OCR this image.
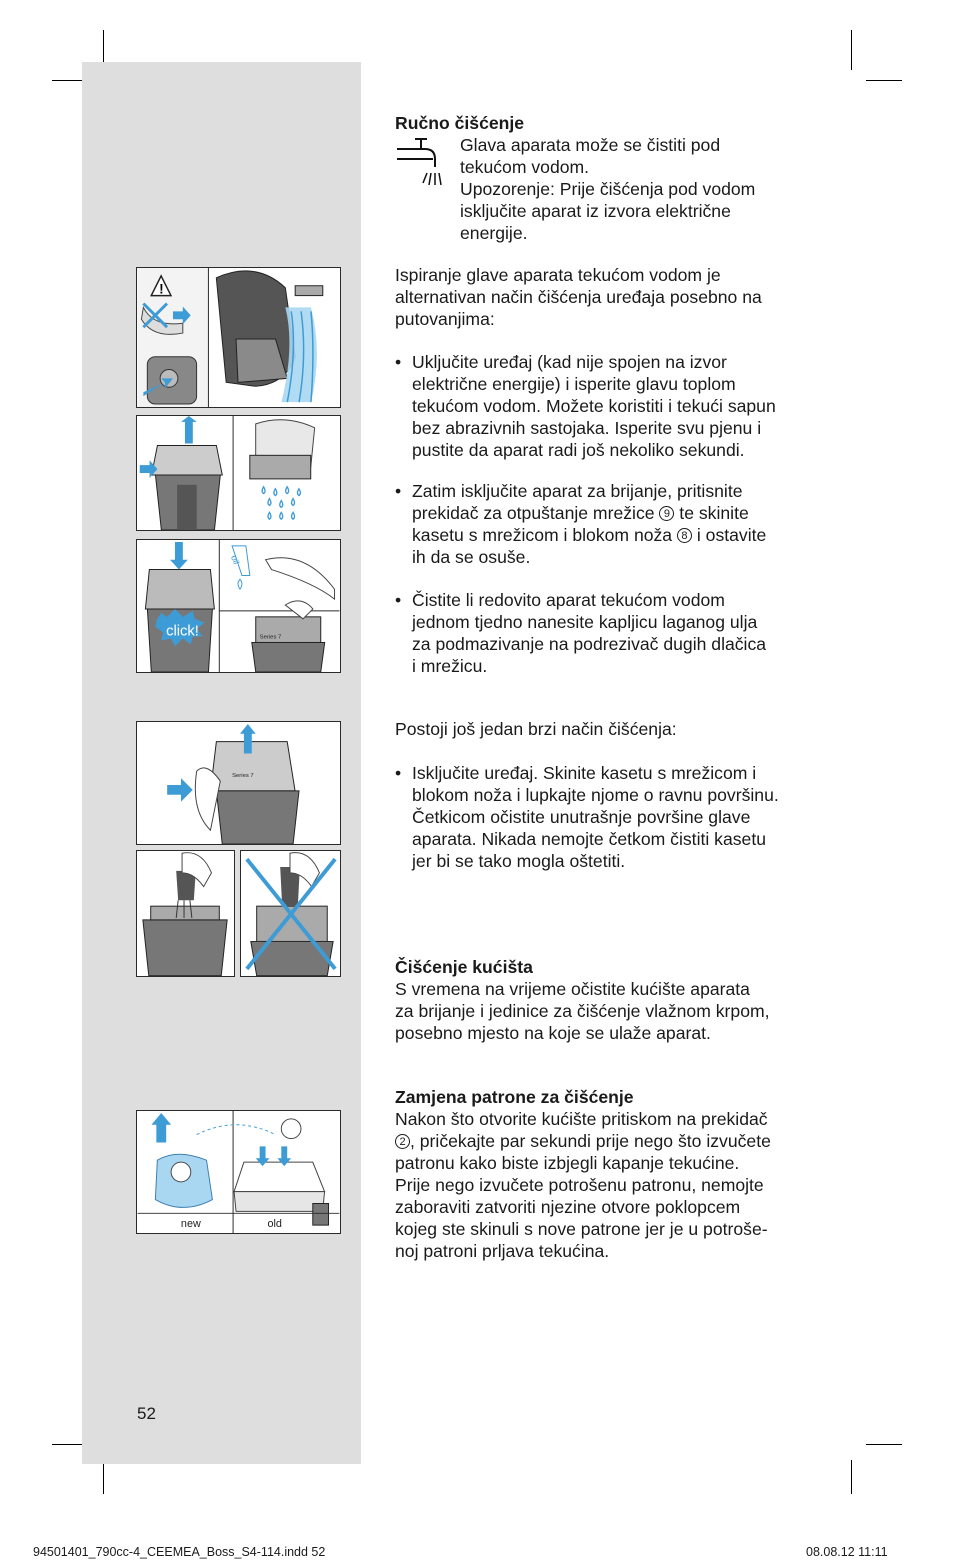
!
click!
oil
Series 7
Series 7
new	old

Ručno čišćenje

Glava aparata može se čistiti pod

tekućom vodom.

Upozorenje: Prije čišćenja pod vodom

isključite aparat iz izvora električne

energije.

Ispiranje glave aparata tekućom vodom je

alternativan način čišćenja uređaja posebno na

putovanjima:

• Uključite uređaj (kad nije spojen na izvor

električne energije) i isperite glavu toplom

tekućom vodom. Možete koristiti i tekući sapun

bez abrazivnih sastojaka. Isperite svu pjenu i

pustite da aparat radi još nekoliko sekundi.

• Zatim isključite aparat za brijanje, pritisnite

prekidač za otpuštanje mrežice 9 te skinite

kasetu s mrežicom i blokom noža 8 i ostavite

ih da se osuše.

• Čistite li redovito aparat tekućom vodom

jednom tjedno nanesite kapljicu laganog ulja

za podmazivanje na podrezivač dugih dlačica

i mrežicu.

Postoji još jedan brzi način čišćenja:

• Isključite uređaj. Skinite kasetu s mrežicom i

blokom noža i lupkajte njome o ravnu površinu.

Četkicom očistite unutrašnje površine glave

aparata. Nikada nemojte četkom čistiti kasetu

jer bi se tako mogla oštetiti.

Čišćenje kućišta

S vremena na vrijeme očistite kućište aparata

za brijanje i jedinice za čišćenje vlažnom krpom,

posebno mjesto na koje se ulaže aparat.

Zamjena patrone za čišćenje

Nakon što otvorite kućište pritiskom na prekidač

2 , pričekajte par sekundi prije nego što izvučete

patronu kako biste izbjegli kapanje tekućine.

Prije nego izvučete potrošenu patronu, nemojte

zaboraviti zatvoriti njezine otvore poklopcem

kojeg ste skinuli s nove patrone jer je u potroše-

noj patroni prljava tekućina.

52
94501401_790cc-4_CEEMEA_Boss_S4-114.indd 52	08.08.12 11:11
